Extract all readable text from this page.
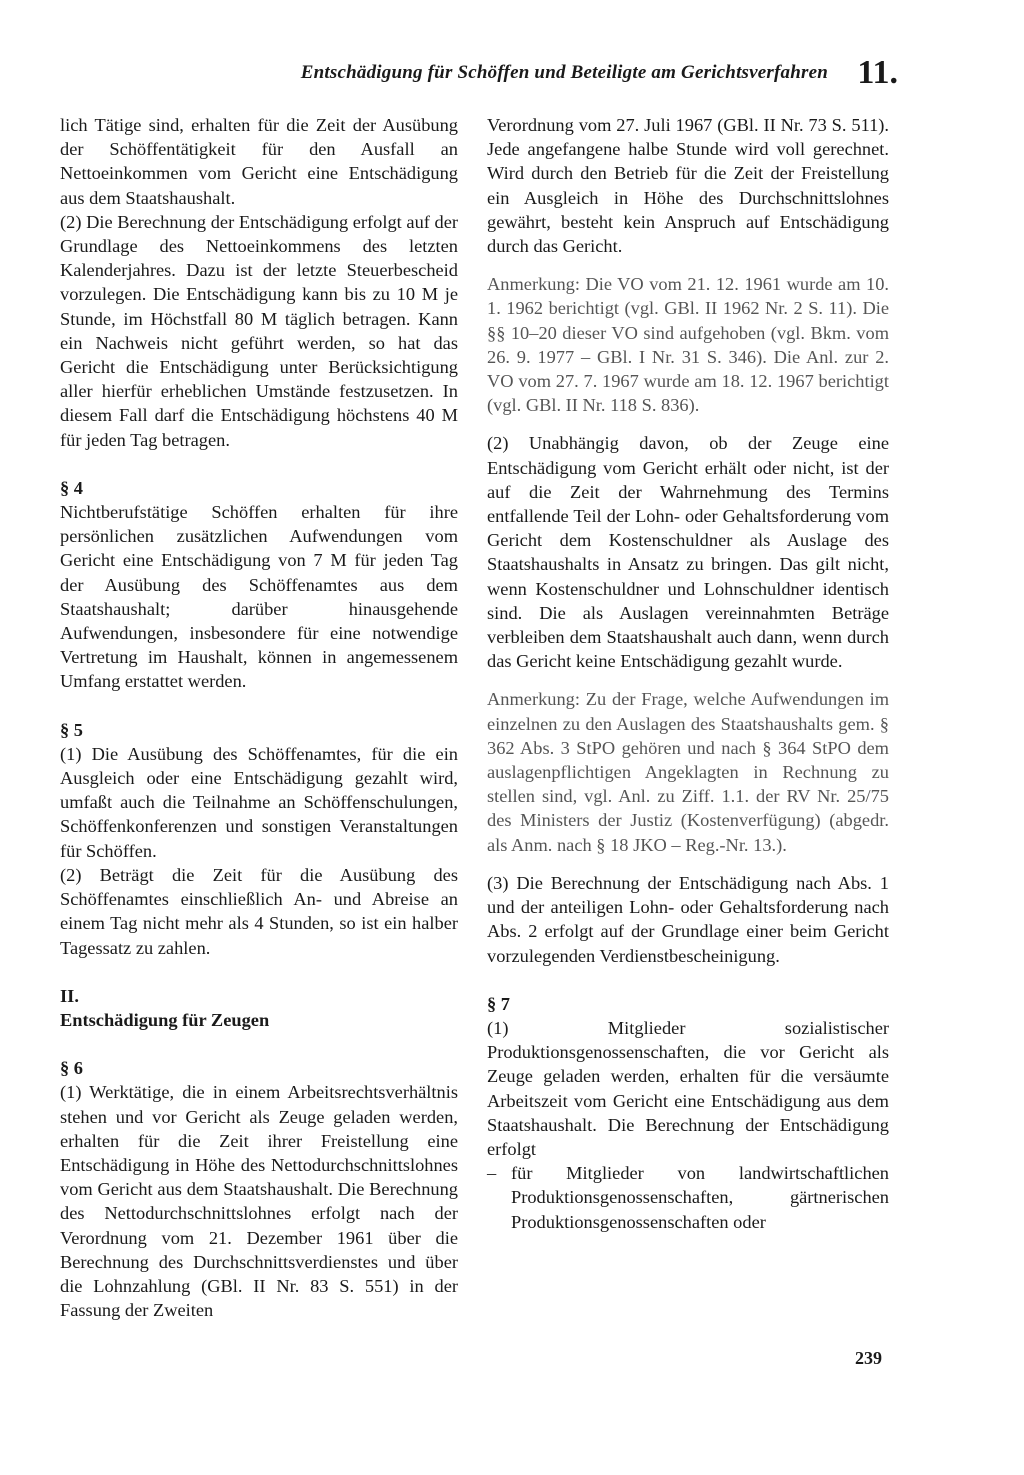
Entschädigung für Schöffen und Beteiligte am Gerichtsverfahren 11.

lich Tätige sind, erhalten für die Zeit der Ausübung der Schöffentätigkeit für den Ausfall an Nettoeinkommen vom Gericht eine Entschädigung aus dem Staatshaushalt.

(2) Die Berechnung der Entschädigung erfolgt auf der Grundlage des Nettoeinkommens des letzten Kalenderjahres. Dazu ist der letzte Steuerbescheid vorzulegen. Die Entschädigung kann bis zu 10 M je Stunde, im Höchstfall 80 M täglich betragen. Kann ein Nachweis nicht geführt werden, so hat das Gericht die Entschädigung unter Berücksichtigung aller hierfür erheblichen Umstände festzusetzen. In diesem Fall darf die Entschädigung höchstens 40 M für jeden Tag betragen.

§ 4

Nichtberufstätige Schöffen erhalten für ihre persönlichen zusätzlichen Aufwendungen vom Gericht eine Entschädigung von 7 M für jeden Tag der Ausübung des Schöffenamtes aus dem Staatshaushalt; darüber hinausgehende Aufwendungen, insbesondere für eine notwendige Vertretung im Haushalt, können in angemessenem Umfang erstattet werden.

§ 5

(1) Die Ausübung des Schöffenamtes, für die ein Ausgleich oder eine Entschädigung gezahlt wird, umfaßt auch die Teilnahme an Schöffenschulungen, Schöffenkonferenzen und sonstigen Veranstaltungen für Schöffen.

(2) Beträgt die Zeit für die Ausübung des Schöffenamtes einschließlich An- und Abreise an einem Tag nicht mehr als 4 Stunden, so ist ein halber Tagessatz zu zahlen.

II.

Entschädigung für Zeugen

§ 6

(1) Werktätige, die in einem Arbeitsrechtsverhältnis stehen und vor Gericht als Zeuge geladen werden, erhalten für die Zeit ihrer Freistellung eine Entschädigung in Höhe des Nettodurchschnittslohnes vom Gericht aus dem Staatshaushalt. Die Berechnung des Nettodurchschnittslohnes erfolgt nach der Verordnung vom 21. Dezember 1961 über die Berechnung des Durchschnittsverdienstes und über die Lohnzahlung (GBl. II Nr. 83 S. 551) in der Fassung der Zweiten

Verordnung vom 27. Juli 1967 (GBl. II Nr. 73 S. 511). Jede angefangene halbe Stunde wird voll gerechnet. Wird durch den Betrieb für die Zeit der Freistellung ein Ausgleich in Höhe des Durchschnittslohnes gewährt, besteht kein Anspruch auf Entschädigung durch das Gericht.

Anmerkung: Die VO vom 21. 12. 1961 wurde am 10. 1. 1962 berichtigt (vgl. GBl. II 1962 Nr. 2 S. 11). Die §§ 10–20 dieser VO sind aufgehoben (vgl. Bkm. vom 26. 9. 1977 – GBl. I Nr. 31 S. 346). Die Anl. zur 2. VO vom 27. 7. 1967 wurde am 18. 12. 1967 berichtigt (vgl. GBl. II Nr. 118 S. 836).

(2) Unabhängig davon, ob der Zeuge eine Entschädigung vom Gericht erhält oder nicht, ist der auf die Zeit der Wahrnehmung des Termins entfallende Teil der Lohn- oder Gehaltsforderung vom Gericht dem Kostenschuldner als Auslage des Staatshaushalts in Ansatz zu bringen. Das gilt nicht, wenn Kostenschuldner und Lohnschuldner identisch sind. Die als Auslagen vereinnahmten Beträge verbleiben dem Staatshaushalt auch dann, wenn durch das Gericht keine Entschädigung gezahlt wurde.

Anmerkung: Zu der Frage, welche Aufwendungen im einzelnen zu den Auslagen des Staatshaushalts gem. § 362 Abs. 3 StPO gehören und nach § 364 StPO dem auslagenpflichtigen Angeklagten in Rechnung zu stellen sind, vgl. Anl. zu Ziff. 1.1. der RV Nr. 25/75 des Ministers der Justiz (Kostenverfügung) (abgedr. als Anm. nach § 18 JKO – Reg.-Nr. 13.).

(3) Die Berechnung der Entschädigung nach Abs. 1 und der anteiligen Lohn- oder Gehaltsforderung nach Abs. 2 erfolgt auf der Grundlage einer beim Gericht vorzulegenden Verdienstbescheinigung.

§ 7

(1) Mitglieder sozialistischer Produktionsgenossenschaften, die vor Gericht als Zeuge geladen werden, erhalten für die versäumte Arbeitszeit vom Gericht eine Entschädigung aus dem Staatshaushalt. Die Berechnung der Entschädigung erfolgt

– für Mitglieder von landwirtschaftlichen Produktionsgenossenschaften, gärtnerischen Produktionsgenossenschaften oder
239
